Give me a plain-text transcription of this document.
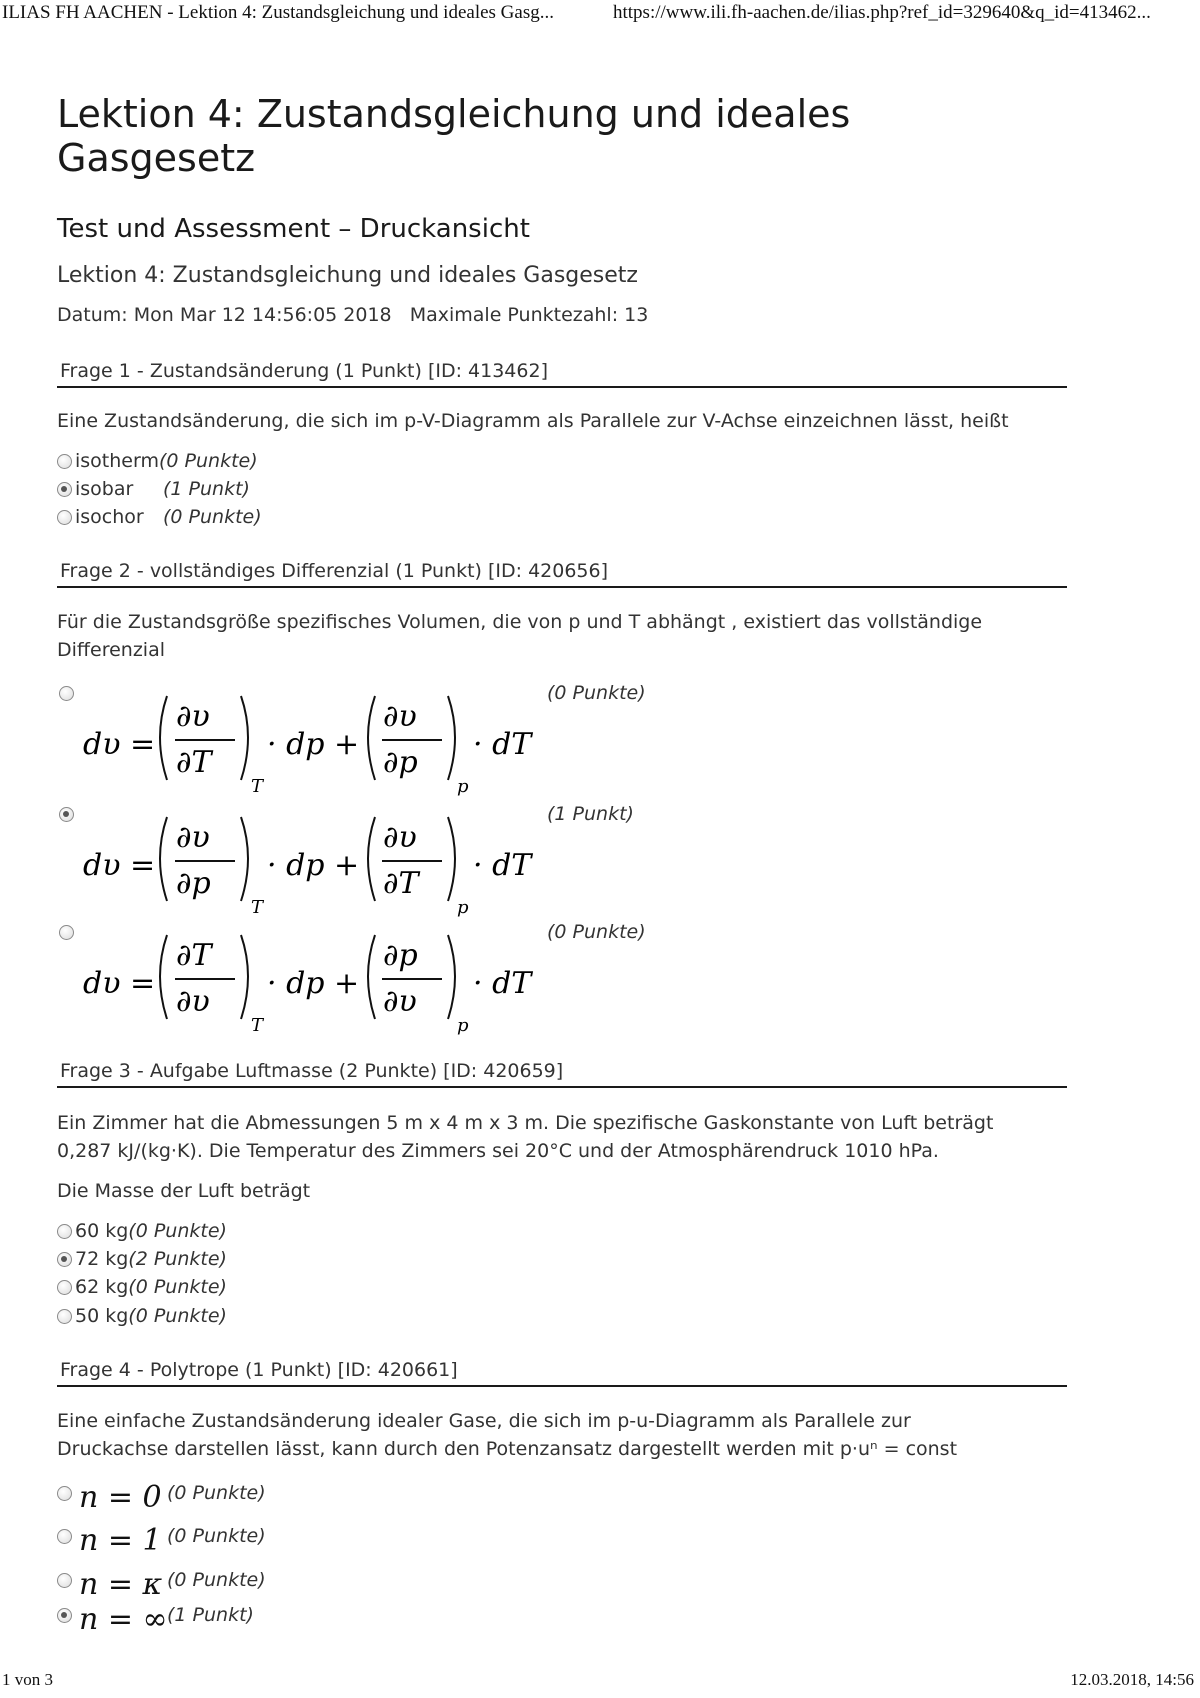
ILIAS FH AACHEN - Lektion 4: Zustandsgleichung und ideales Gasg...	https://www.ili.fh-aachen.de/ilias.php?ref_id=329640&q_id=413462...
Lektion 4: Zustandsgleichung und ideales Gasgesetz
Test und Assessment – Druckansicht
Lektion 4: Zustandsgleichung und ideales Gasgesetz
Datum: Mon Mar 12 14:56:05 2018 Maximale Punktezahl: 13
Frage 1 - Zustandsänderung (1 Punkt) [ID: 413462]
Eine Zustandsänderung, die sich im p-V-Diagramm als Parallele zur V-Achse einzeichnen lässt, heißt
isotherm(0 Punkte)
isobar (1 Punkt)
isochor (0 Punkte)
Frage 2 - vollständiges Differenzial (1 Punkt) [ID: 420656]
Für die Zustandsgröße spezifisches Volumen, die von p und T abhängt , existiert das vollständige Differenzial
dυ =
∂υ
∂T
T
· dp +
∂υ
∂p
p
· dT
(0 Punkte)
dυ =
∂υ
∂p
T
· dp +
∂υ
∂T
p
· dT
(1 Punkt)
dυ =
∂T
∂υ
T
· dp +
∂p
∂υ
p
· dT
(0 Punkte)
Frage 3 - Aufgabe Luftmasse (2 Punkte) [ID: 420659]
Ein Zimmer hat die Abmessungen 5 m x 4 m x 3 m. Die spezifische Gaskonstante von Luft beträgt
0,287 kJ/(kg·K). Die Temperatur des Zimmers sei 20°C und der Atmosphärendruck 1010 hPa.
Die Masse der Luft beträgt
60 kg(0 Punkte)
72 kg(2 Punkte)
62 kg(0 Punkte)
50 kg(0 Punkte)
Frage 4 - Polytrope (1 Punkt) [ID: 420661]
Eine einfache Zustandsänderung idealer Gase, die sich im p-u-Diagramm als Parallele zur
Druckachse darstellen lässt, kann durch den Potenzansatz dargestellt werden mit p·uⁿ = const
n = 0 (0 Punkte)
n = 1 (0 Punkte)
n = κ (0 Punkte)
n = ∞(1 Punkt)
1 von 3	12.03.2018, 14:56
